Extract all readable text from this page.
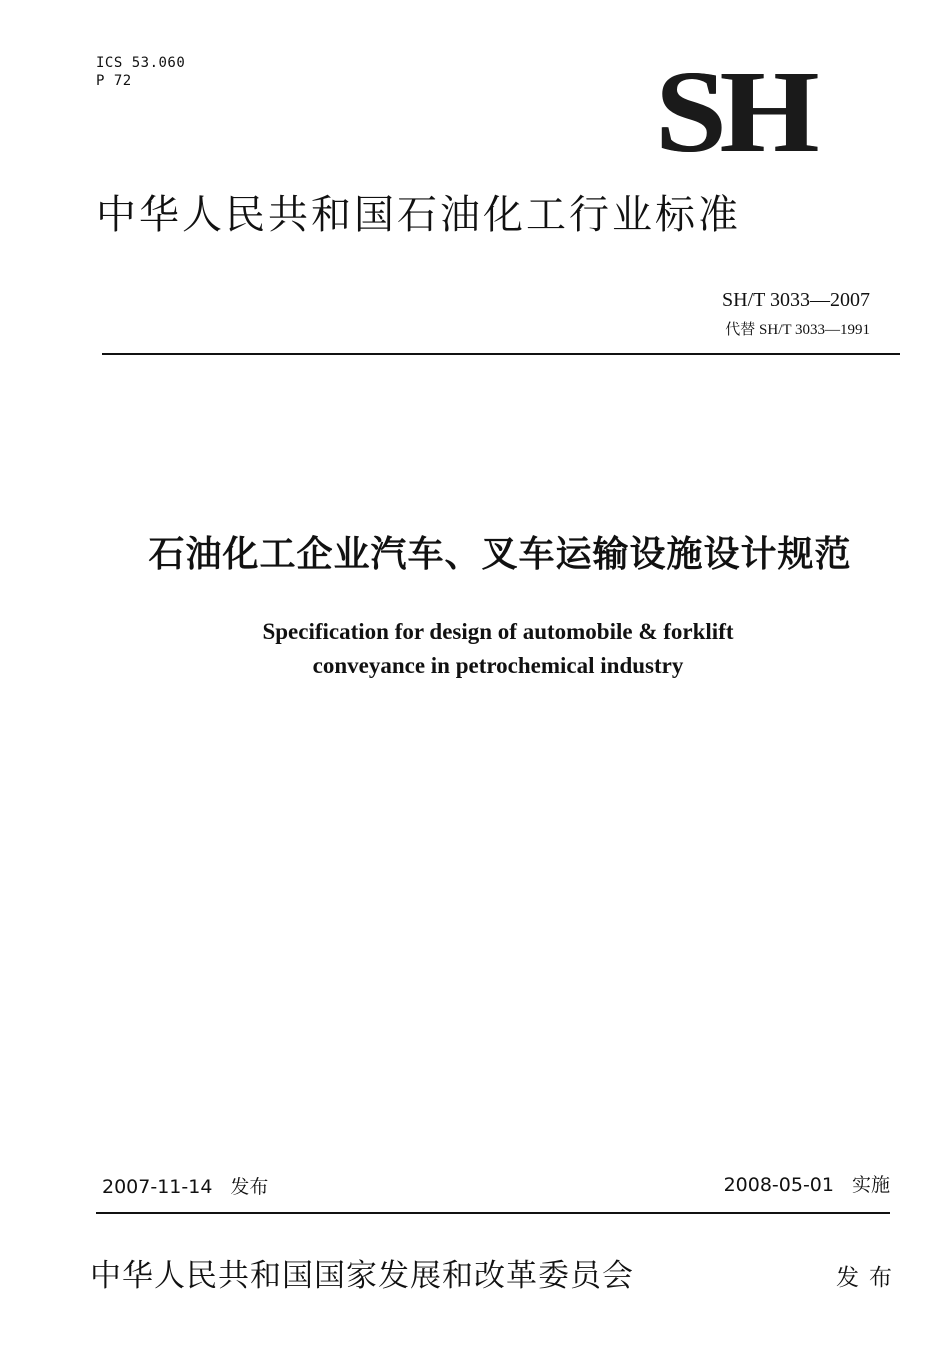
ICS 53.060
P 72	SH
中华人民共和国石油化工行业标准
SH/T 3033—2007
代替 SH/T 3033—1991
石油化工企业汽车、叉车运输设施设计规范
Specification for design of automobile & forklift
conveyance in petrochemical industry
2007-11-14 发布	2008-05-01 实施
中华人民共和国国家发展和改革委员会	发布
